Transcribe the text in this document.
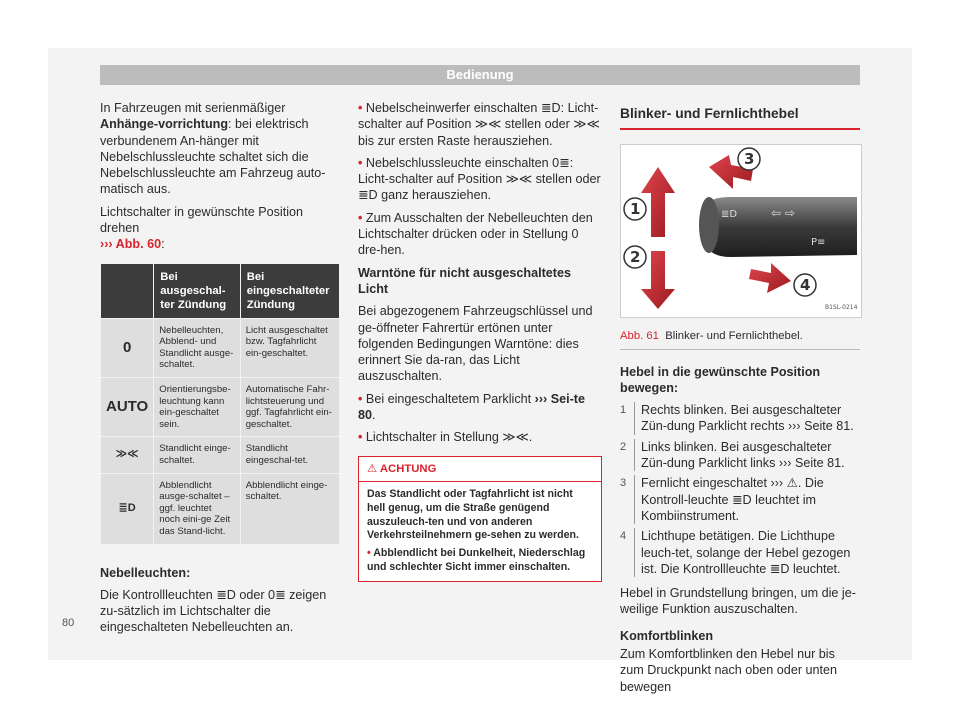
Bedienung

In Fahrzeugen mit serienmäßiger Anhänge-vorrichtung: bei elektrisch verbundenem An-hänger mit Nebelschlussleuchte schaltet sich die Nebelschlussleuchte am Fahrzeug auto-matisch aus.

Lichtschalter in gewünschte Position drehen
››› Abb. 60:

	Bei ausgeschal-ter Zündung	Bei eingeschalteter Zündung
0	Nebelleuchten, Abblend- und Standlicht ausge-schaltet.	Licht ausgeschaltet bzw. Tagfahrlicht ein-geschaltet.
AUTO	Orientierungsbe-leuchtung kann ein-geschaltet sein.	Automatische Fahr-lichtsteuerung und ggf. Tagfahrlicht ein-geschaltet.
≫≪	Standlicht einge-schaltet.	Standlicht eingeschal-tet.
≣D	Abblendlicht ausge-schaltet – ggf. leuchtet noch eini-ge Zeit das Stand-licht.	Abblendlicht einge-schaltet.

Nebelleuchten:

Die Kontrollleuchten ≣D oder 0≣ zeigen zu-sätzlich im Lichtschalter die eingeschalteten Nebelleuchten an.

• Nebelscheinwerfer einschalten ≣D: Licht-schalter auf Position ≫≪ stellen oder ≫≪ bis zur ersten Raste herausziehen.

• Nebelschlussleuchte einschalten 0≣: Licht-schalter auf Position ≫≪ stellen oder ≣D ganz herausziehen.

• Zum Ausschalten der Nebelleuchten den Lichtschalter drücken oder in Stellung 0 dre-hen.

Warntöne für nicht ausgeschaltetes Licht

Bei abgezogenem Fahrzeugschlüssel und ge-öffneter Fahrertür ertönen unter folgenden Bedingungen Warntöne: dies erinnert Sie da-ran, das Licht auszuschalten.

• Bei eingeschaltetem Parklicht ››› Sei-te 80.

• Lichtschalter in Stellung ≫≪.

⚠ ACHTUNG
Das Standlicht oder Tagfahrlicht ist nicht hell genug, um die Straße genügend auszuleuch-ten und von anderen Verkehrsteilnehmern ge-sehen zu werden.
• Abblendlicht bei Dunkelheit, Niederschlag und schlechter Sicht immer einschalten.
Blinker- und Fernlichthebel
≣D	⇦ ⇨
P≡
1
2
3
4
B1SL-0214
Abb. 61 Blinker- und Fernlichthebel.

Hebel in die gewünschte Position bewegen:

1	Rechts blinken. Bei ausgeschalteter Zün-dung Parklicht rechts ››› Seite 81.
2	Links blinken. Bei ausgeschalteter Zün-dung Parklicht links ››› Seite 81.
3	Fernlicht eingeschaltet ››› ⚠. Die Kontroll-leuchte ≣D leuchtet im Kombiinstrument.
4	Lichthupe betätigen. Die Lichthupe leuch-tet, solange der Hebel gezogen ist. Die Kontrollleuchte ≣D leuchtet.

Hebel in Grundstellung bringen, um die je-weilige Funktion auszuschalten.

Komfortblinken

Zum Komfortblinken den Hebel nur bis zum Druckpunkt nach oben oder unten bewegen

80
